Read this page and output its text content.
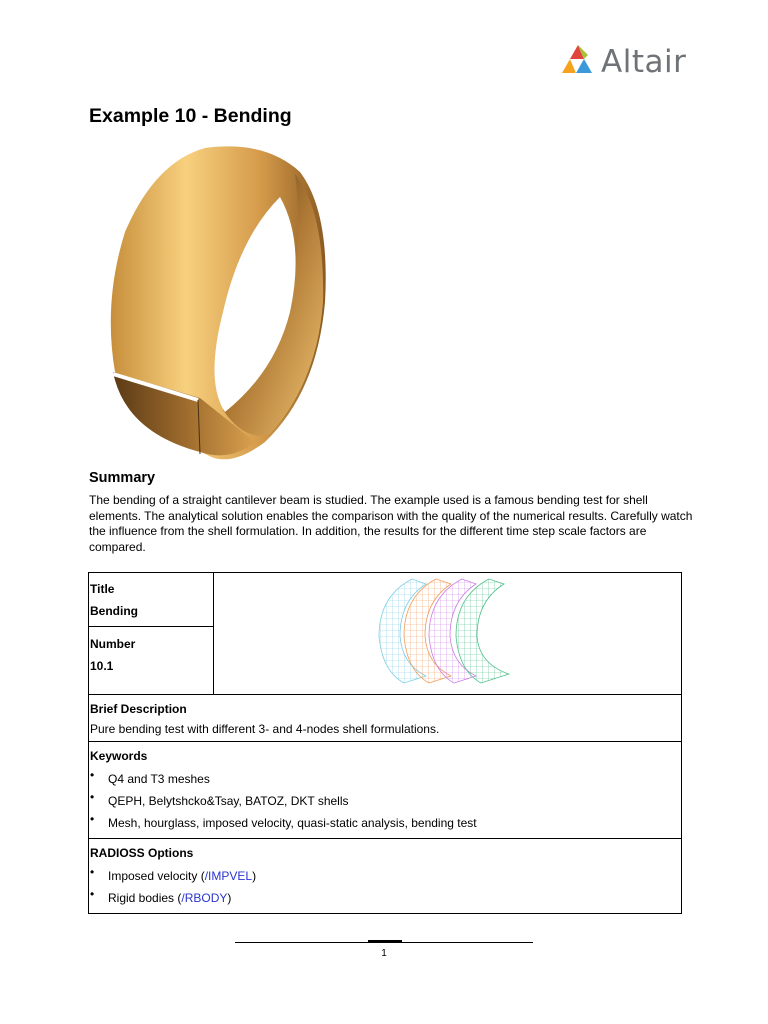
Altair
Example 10 - Bending
Summary

The bending of a straight cantilever beam is studied. The example used is a famous bending test for shell elements. The analytical solution enables the comparison with the quality of the numerical results. Carefully watch the influence from the shell formulation. In addition, the results for the different time step scale factors are compared.

Title
Bending

Number
10.1

Brief Description
Pure bending test with different 3- and 4-nodes shell formulations.

Keywords
• Q4 and T3 meshes
• QEPH, Belytshcko&Tsay, BATOZ, DKT shells
• Mesh, hourglass, imposed velocity, quasi-static analysis, bending test

RADIOSS Options
• Imposed velocity (/IMPVEL)
• Rigid bodies (/RBODY)
1
